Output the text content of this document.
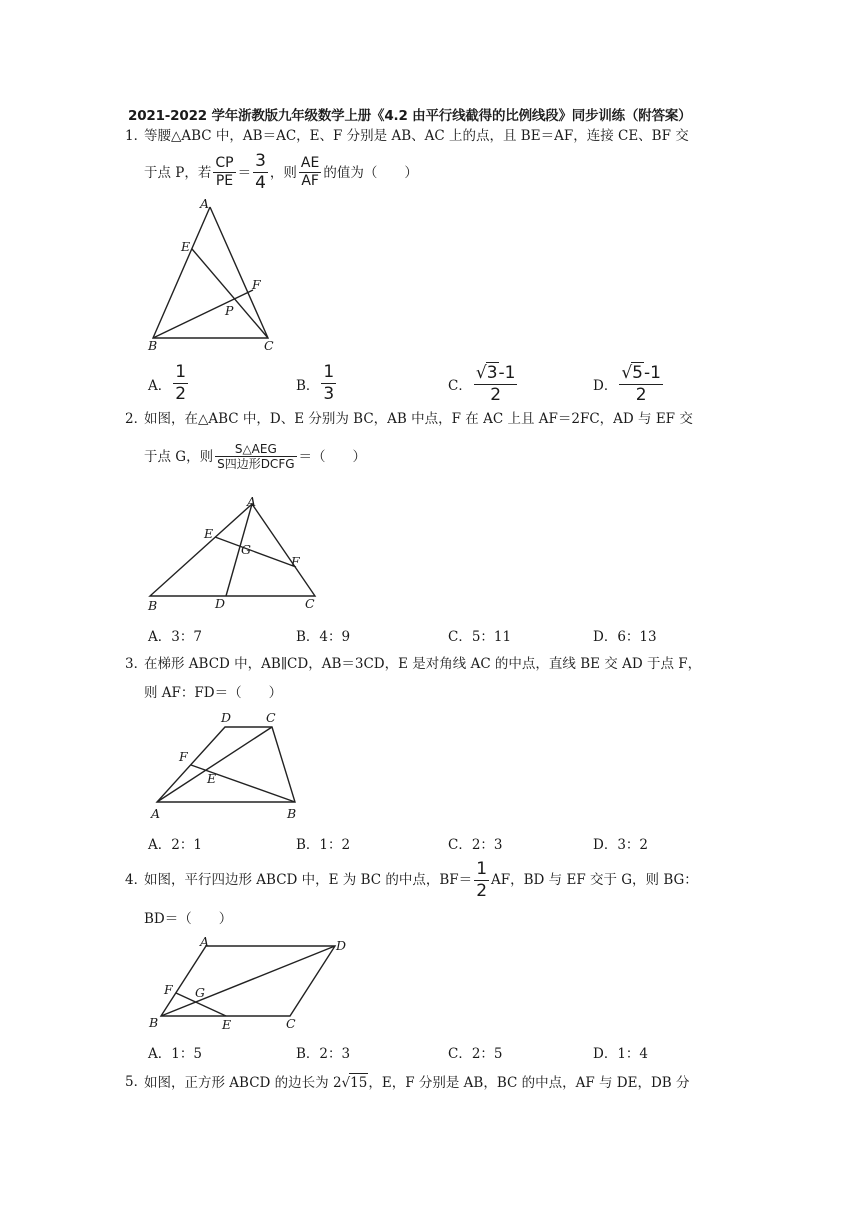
2021-2022 学年浙教版九年级数学上册《4.2 由平行线截得的比例线段》同步训练（附答案）
1．
等腰△ABC 中，AB＝AC，E、F 分别是 AB、AC 上的点，且 BE＝AF，连接 CE、BF 交
于点 P，若 $\frac{CP}{PE} = \frac{3}{4}$ ，则 $\frac{AE}{AF}$ 的值为（　　）
A
E
F
P
B	C
A． $\frac{1}{2}$	B． $\frac{1}{3}$	C． $\frac{√3-1}{2}$	D． $\frac{√5-1}{2}$
2．
如图，在△ABC 中，D、E 分别为 BC，AB 中点，F 在 AC 上且 AF＝2FC，AD 与 EF 交
于点 G，则 $\frac{\text{S△AEG}}{\text{S四边形DCFG}}$ ＝（　　）
A
E
G
F
B	D	C
A．3：7	B．4：9	C．5：11	D．6：13
3．
在梯形 ABCD 中，AB∥CD，AB＝3CD，E 是对角线 AC 的中点，直线 BE 交 AD 于点 F，
则 AF：FD＝（　　）
D	C
F
E
A	B
A．2：1	B．1：2	C．2：3	D．3：2
4．
如图，平行四边形 ABCD 中，E 为 BC 的中点，$BF= \frac{1}{2}$ AF，BD 与 EF 交于 G，则 BG：
BD＝（　　）
A	D
F G
B	E	C
A．1：5	B．2：3	C．2：5	D．1：4
5．
如图，正方形 ABCD 的边长为 2√15，E，F 分别是 AB，BC 的中点，AF 与 DE，DB 分
